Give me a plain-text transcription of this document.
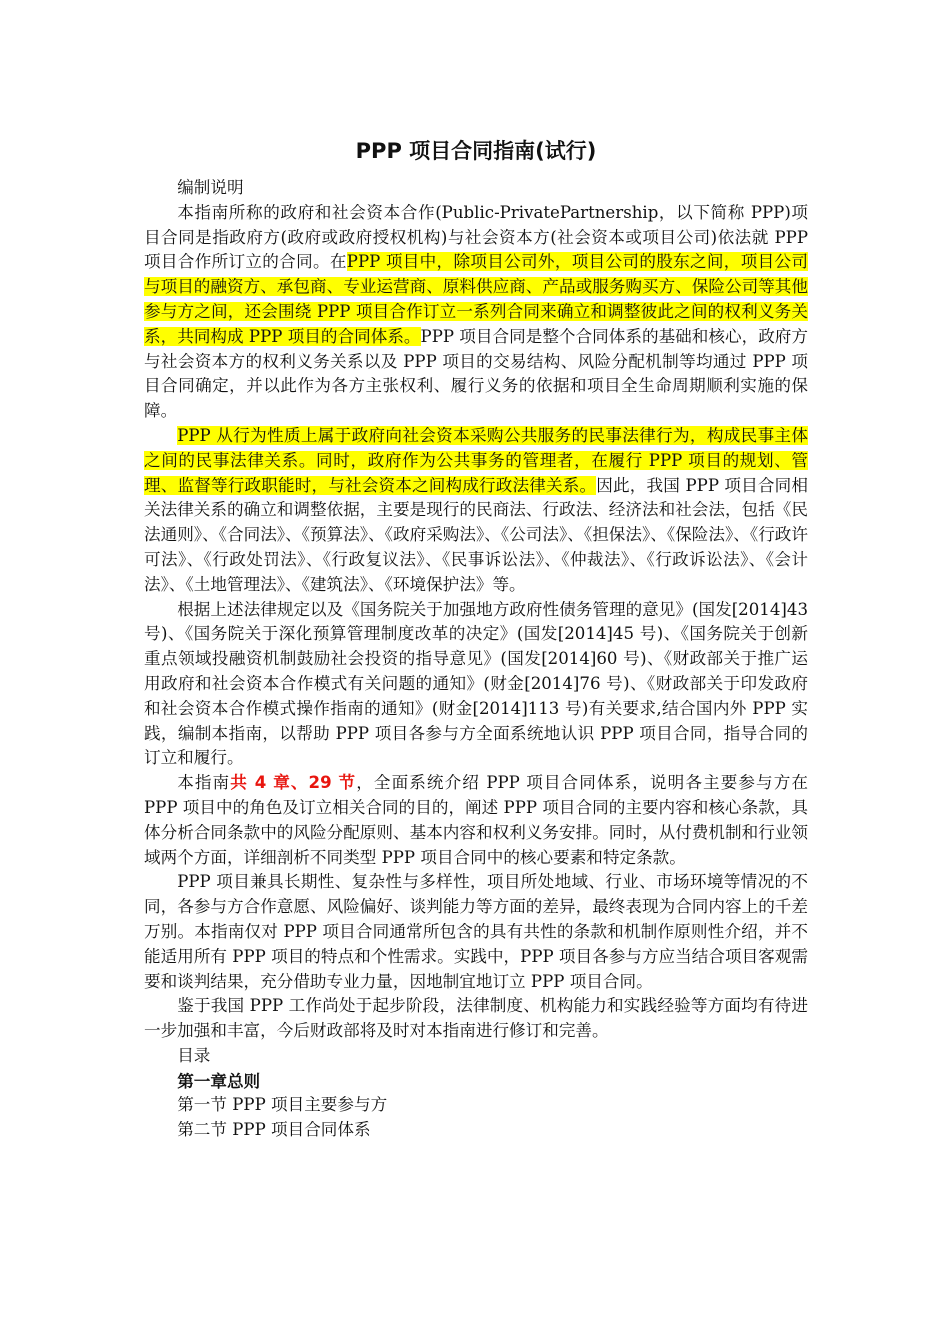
PPP 项目合同指南(试行)

编制说明

本指南所称的政府和社会资本合作(Public-PrivatePartnership，以下简称 PPP)项目合同是指政府方(政府或政府授权机构)与社会资本方(社会资本或项目公司)依法就 PPP 项目合作所订立的合同。在PPP 项目中，除项目公司外，项目公司的股东之间，项目公司与项目的融资方、承包商、专业运营商、原料供应商、产品或服务购买方、保险公司等其他参与方之间，还会围绕 PPP 项目合作订立一系列合同来确立和调整彼此之间的权利义务关系，共同构成 PPP 项目的合同体系。PPP 项目合同是整个合同体系的基础和核心，政府方与社会资本方的权利义务关系以及 PPP 项目的交易结构、风险分配机制等均通过 PPP 项目合同确定，并以此作为各方主张权利、履行义务的依据和项目全生命周期顺利实施的保障。

PPP 从行为性质上属于政府向社会资本采购公共服务的民事法律行为，构成民事主体之间的民事法律关系。同时，政府作为公共事务的管理者，在履行 PPP 项目的规划、管理、监督等行政职能时，与社会资本之间构成行政法律关系。因此，我国 PPP 项目合同相关法律关系的确立和调整依据，主要是现行的民商法、行政法、经济法和社会法，包括《民法通则》、《合同法》、《预算法》、《政府采购法》、《公司法》、《担保法》、《保险法》、《行政许可法》、《行政处罚法》、《行政复议法》、《民事诉讼法》、《仲裁法》、《行政诉讼法》、《会计法》、《土地管理法》、《建筑法》、《环境保护法》等。

根据上述法律规定以及《国务院关于加强地方政府性债务管理的意见》(国发[2014]43 号)、《国务院关于深化预算管理制度改革的决定》(国发[2014]45 号)、《国务院关于创新重点领域投融资机制鼓励社会投资的指导意见》(国发[2014]60 号)、《财政部关于推广运用政府和社会资本合作模式有关问题的通知》(财金[2014]76 号)、《财政部关于印发政府和社会资本合作模式操作指南的通知》(财金[2014]113 号)有关要求,结合国内外 PPP 实践，编制本指南，以帮助 PPP 项目各参与方全面系统地认识 PPP 项目合同，指导合同的订立和履行。

本指南共 4 章、29 节，全面系统介绍 PPP 项目合同体系，说明各主要参与方在 PPP 项目中的角色及订立相关合同的目的，阐述 PPP 项目合同的主要内容和核心条款，具体分析合同条款中的风险分配原则、基本内容和权利义务安排。同时，从付费机制和行业领域两个方面，详细剖析不同类型 PPP 项目合同中的核心要素和特定条款。

PPP 项目兼具长期性、复杂性与多样性，项目所处地域、行业、市场环境等情况的不同，各参与方合作意愿、风险偏好、谈判能力等方面的差异，最终表现为合同内容上的千差万别。本指南仅对 PPP 项目合同通常所包含的具有共性的条款和机制作原则性介绍，并不能适用所有 PPP 项目的特点和个性需求。实践中，PPP 项目各参与方应当结合项目客观需要和谈判结果，充分借助专业力量，因地制宜地订立 PPP 项目合同。

鉴于我国 PPP 工作尚处于起步阶段，法律制度、机构能力和实践经验等方面均有待进一步加强和丰富，今后财政部将及时对本指南进行修订和完善。

目录

第一章总则

第一节 PPP 项目主要参与方

第二节 PPP 项目合同体系
